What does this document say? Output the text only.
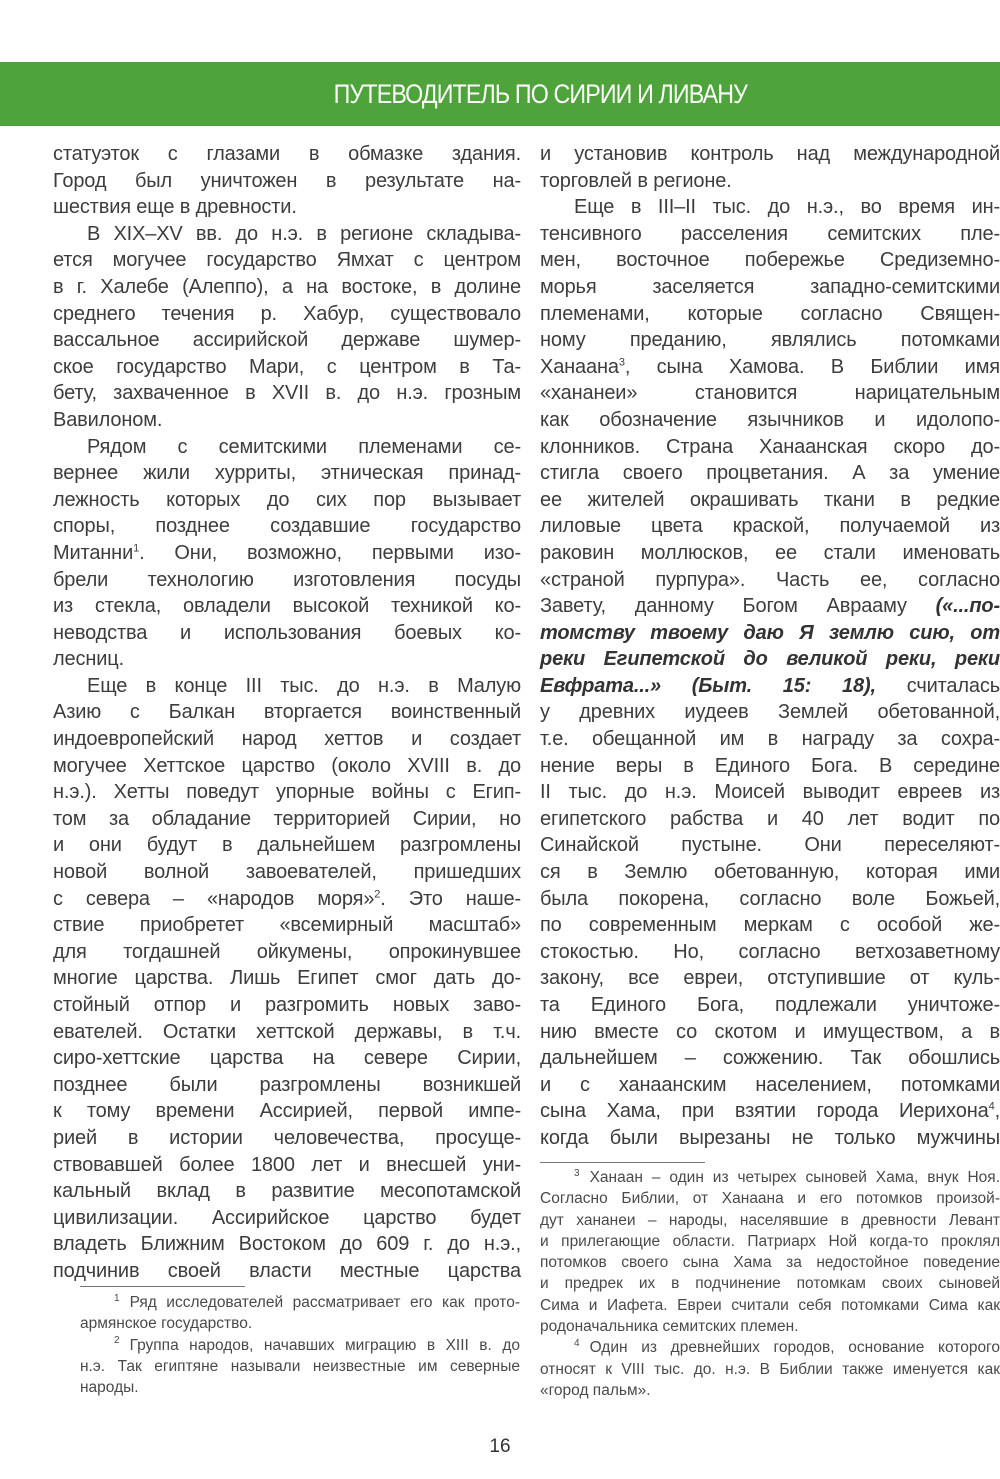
ПУТЕВОДИТЕЛЬ ПО СИРИИ И ЛИВАНУ
статуэток с глазами в обмазке здания.
Город был уничтожен в результате на-
шествия еще в древности.
В XIX–XV вв. до н.э. в регионе складыва-
ется могучее государство Ямхат с центром
в г. Халебе (Алеппо), а на востоке, в долине
среднего течения р. Хабур, существовало
вассальное ассирийской державе шумер-
ское государство Мари, с центром в Та-
бету, захваченное в XVII в. до н.э. грозным
Вавилоном.
Рядом с семитскими племенами се-
вернее жили хурриты, этническая принад-
лежность которых до сих пор вызывает
споры, позднее создавшие государство
Митанни$^1$. Они, возможно, первыми изо-
брели технологию изготовления посуды
из стекла, овладели высокой техникой ко-
неводства и использования боевых ко-
лесниц.
Еще в конце III тыс. до н.э. в Малую
Азию с Балкан вторгается воинственный
индоевропейский народ хеттов и создает
могучее Хеттское царство (около XVIII в. до
н.э.). Хетты поведут упорные войны с Егип-
том за обладание территорией Сирии, но
и они будут в дальнейшем разгромлены
новой волной завоевателей, пришедших
с севера – «народов моря»$^2$. Это наше-
ствие приобретет «всемирный масштаб»
для тогдашней ойкумены, опрокинувшее
многие царства. Лишь Египет смог дать до-
стойный отпор и разгромить новых заво-
евателей. Остатки хеттской державы, в т.ч.
сиро-хеттские царства на севере Сирии,
позднее были разгромлены возникшей
к тому времени Ассирией, первой импе-
рией в истории человечества, просуще-
ствовавшей более 1800 лет и внесшей уни-
кальный вклад в развитие месопотамской
цивилизации. Ассирийское царство будет
владеть Ближним Востоком до 609 г. до н.э.,
подчинив своей власти местные царства
и установив контроль над международной
торговлей в регионе.
Еще в III–II тыс. до н.э., во время ин-
тенсивного расселения семитских пле-
мен, восточное побережье Средиземно-
морья заселяется западно-семитскими
племенами, которые согласно Священ-
ному преданию, являлись потомками
Ханаана$^3$, сына Хамова. В Библии имя
«хананеи» становится нарицательным
как обозначение язычников и идолопо-
клонников. Страна Ханаанская скоро до-
стигла своего процветания. А за умение
ее жителей окрашивать ткани в редкие
лиловые цвета краской, получаемой из
раковин моллюсков, ее стали именовать
«страной пурпура». Часть ее, согласно
Завету, данному Богом Аврааму («...по-
томству твоему даю Я землю сию, от
реки Египетской до великой реки, реки
Евфрата...» (Быт. 15: 18), считалась
у древних иудеев Землей обетованной,
т.е. обещанной им в награду за сохра-
нение веры в Единого Бога. В середине
II тыс. до н.э. Моисей выводит евреев из
египетского рабства и 40 лет водит по
Синайской пустыне. Они переселяют-
ся в Землю обетованную, которая ими
была покорена, согласно воле Божьей,
по современным меркам с особой же-
стокостью. Но, согласно ветхозаветному
закону, все евреи, отступившие от куль-
та Единого Бога, подлежали уничтоже-
нию вместе со скотом и имуществом, а в
дальнейшем – сожжению. Так обошлись
и с ханаанским населением, потомками
сына Хама, при взятии города Иерихона$^4$,
когда были вырезаны не только мужчины
$^1$ Ряд исследователей рассматривает его как прото-
армянское государство.
$^2$ Группа народов, начавших миграцию в XIII в. до
н.э. Так египтяне называли неизвестные им северные
народы.
$^3$ Ханаан – один из четырех сыновей Хама, внук Ноя.
Согласно Библии, от Ханаана и его потомков произой-
дут хананеи – народы, населявшие в древности Левант
и прилегающие области. Патриарх Ной когда-то проклял
потомков своего сына Хама за недостойное поведение
и предрек их в подчинение потомкам своих сыновей
Сима и Иафета. Евреи считали себя потомками Сима как
родоначальника семитских племен.
$^4$ Один из древнейших городов, основание которого
относят к VIII тыс. до. н.э. В Библии также именуется как
«город пальм».
16
